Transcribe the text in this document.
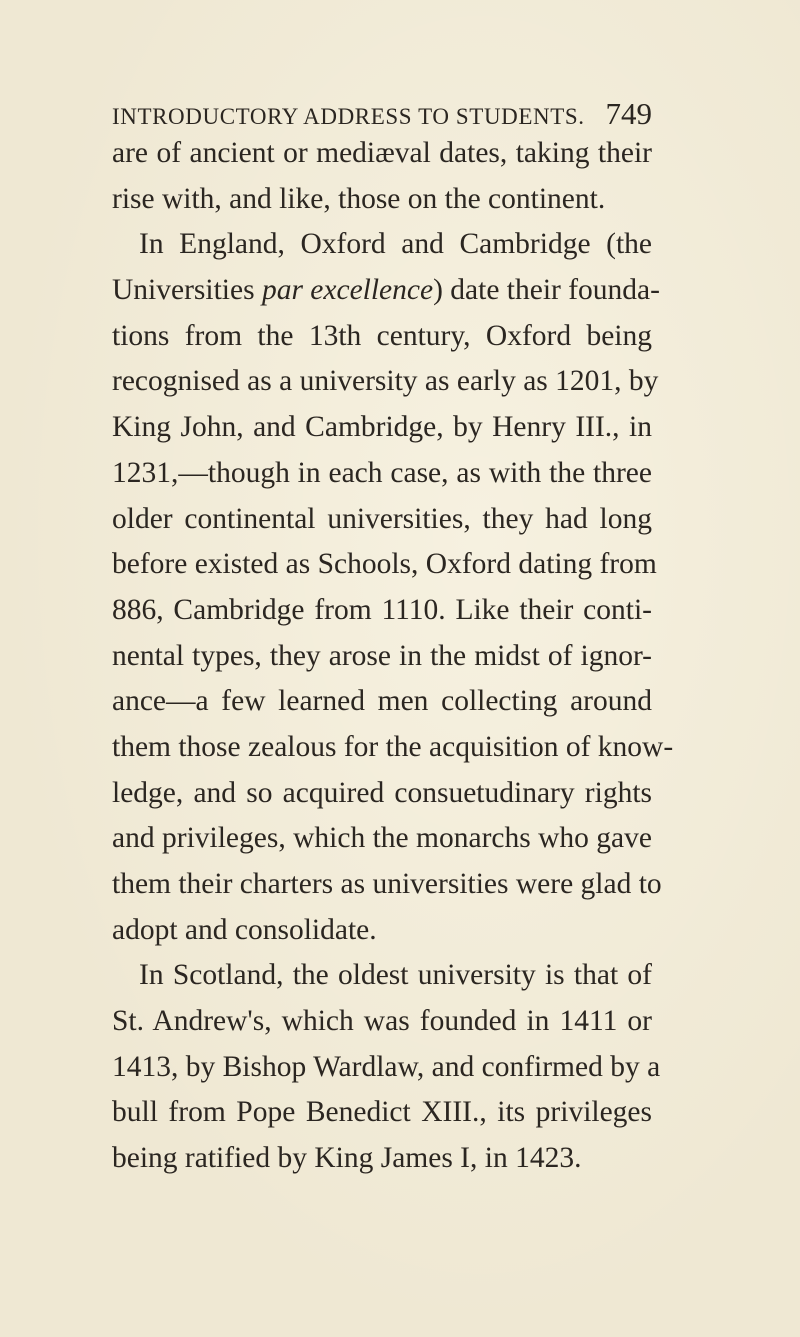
INTRODUCTORY ADDRESS TO STUDENTS. 749
are of ancient or mediæval dates, taking their
rise with, and like, those on the continent.
In England, Oxford and Cambridge (the
Universities par excellence) date their founda-
tions from the 13th century, Oxford being
recognised as a university as early as 1201, by
King John, and Cambridge, by Henry III., in
1231,—though in each case, as with the three
older continental universities, they had long
before existed as Schools, Oxford dating from
886, Cambridge from 1110. Like their conti-
nental types, they arose in the midst of ignor-
ance—a few learned men collecting around
them those zealous for the acquisition of know-
ledge, and so acquired consuetudinary rights
and privileges, which the monarchs who gave
them their charters as universities were glad to
adopt and consolidate.
In Scotland, the oldest university is that of
St. Andrew's, which was founded in 1411 or
1413, by Bishop Wardlaw, and confirmed by a
bull from Pope Benedict XIII., its privileges
being ratified by King James I, in 1423.
